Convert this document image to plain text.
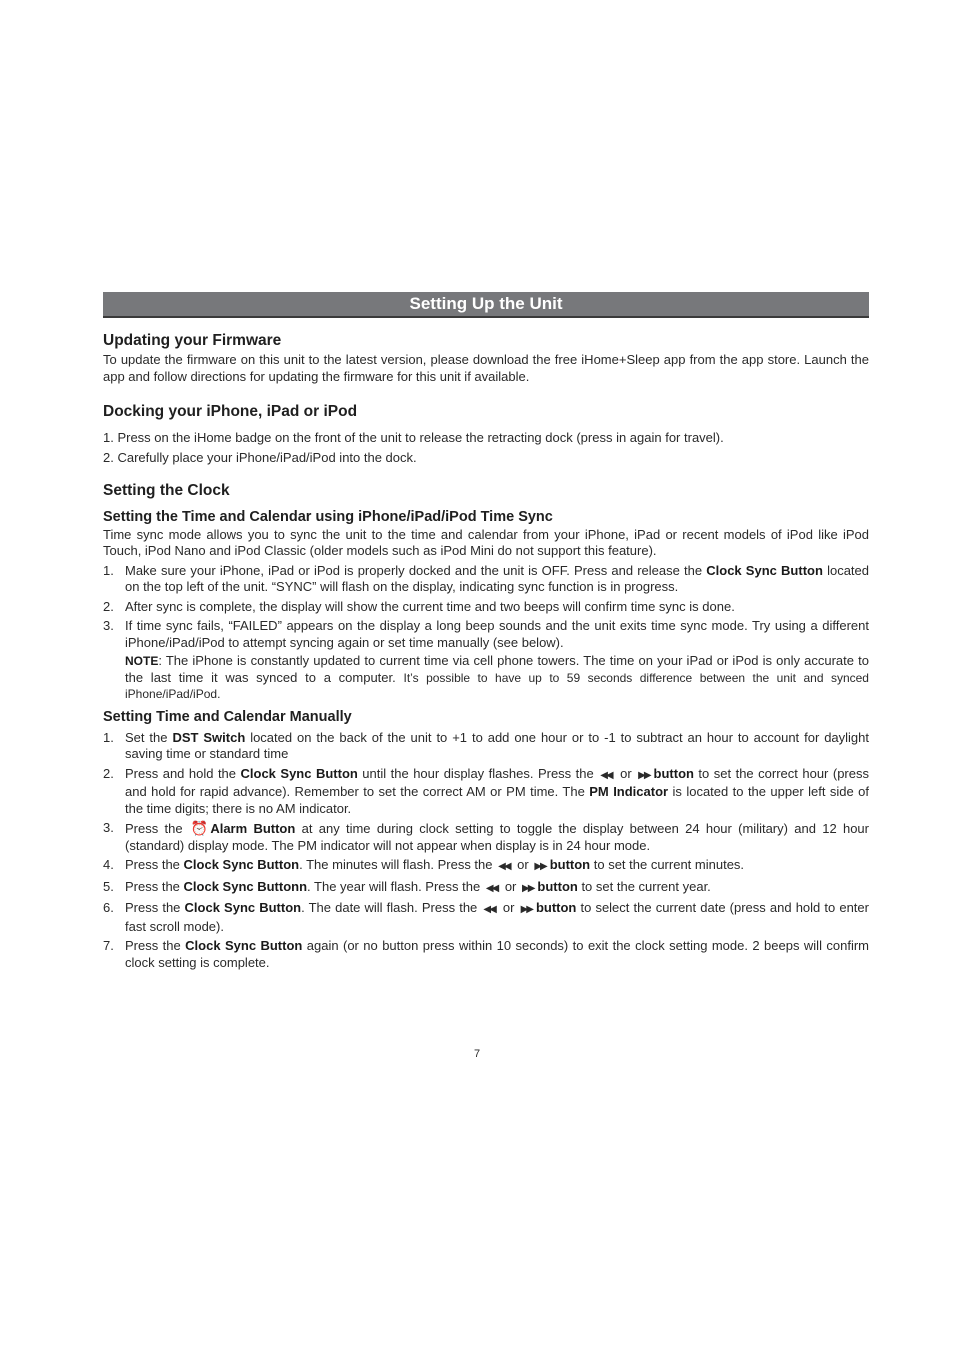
Setting Up the Unit
Updating your Firmware

To update the firmware on this unit to the latest version, please download the free iHome+Sleep app from the app store. Launch the app and follow directions for updating the firmware for this unit if available.

Docking your iPhone, iPad or iPod
1. Press on the iHome badge on the front of the unit to release the retracting dock (press in again for travel).
2. Carefully place your iPhone/iPad/iPod into the dock.
Setting the Clock
Setting the Time and Calendar using iPhone/iPad/iPod Time Sync

Time sync mode allows you to sync the unit to the time and calendar from your iPhone, iPad or recent models of iPod like iPod Touch, iPod Nano and iPod Classic (older models such as iPod Mini do not support this feature).

1. Make sure your iPhone, iPad or iPod is properly docked and the unit is OFF. Press and release the Clock Sync Button located on the top left of the unit. “SYNC” will flash on the display, indicating sync function is in progress.
2. After sync is complete, the display will show the current time and two beeps will confirm time sync is done.
3. If time sync fails, “FAILED” appears on the display a long beep sounds and the unit exits time sync mode. Try using a different iPhone/iPad/iPod to attempt syncing again or set time manually (see below).
NOTE: The iPhone is constantly updated to current time via cell phone towers. The time on your iPad or iPod is only accurate to the last time it was synced to a computer. It’s possible to have up to 59 seconds difference between the unit and synced iPhone/iPad/iPod.
Setting Time and Calendar Manually
1. Set the DST Switch located on the back of the unit to +1 to add one hour or to -1 to subtract an hour to account for daylight saving time or standard time
2. Press and hold the Clock Sync Button until the hour display flashes. Press the ◀◀ or ▶▶ button to set the correct hour (press and hold for rapid advance). Remember to set the correct AM or PM time. The PM Indicator is located to the upper left side of the time digits; there is no AM indicator.
3. Press the ⏰ Alarm Button at any time during clock setting to toggle the display between 24 hour (military) and 12 hour (standard) display mode. The PM indicator will not appear when display is in 24 hour mode.
4. Press the Clock Sync Button. The minutes will flash. Press the ◀◀ or ▶▶ button to set the current minutes.
5. Press the Clock Sync Buttonn. The year will flash. Press the ◀◀ or ▶▶ button to set the current year.
6. Press the Clock Sync Button. The date will flash. Press the ◀◀ or ▶▶ button to select the current date (press and hold to enter fast scroll mode).
7. Press the Clock Sync Button again (or no button press within 10 seconds) to exit the clock setting mode. 2 beeps will confirm clock setting is complete.
7
